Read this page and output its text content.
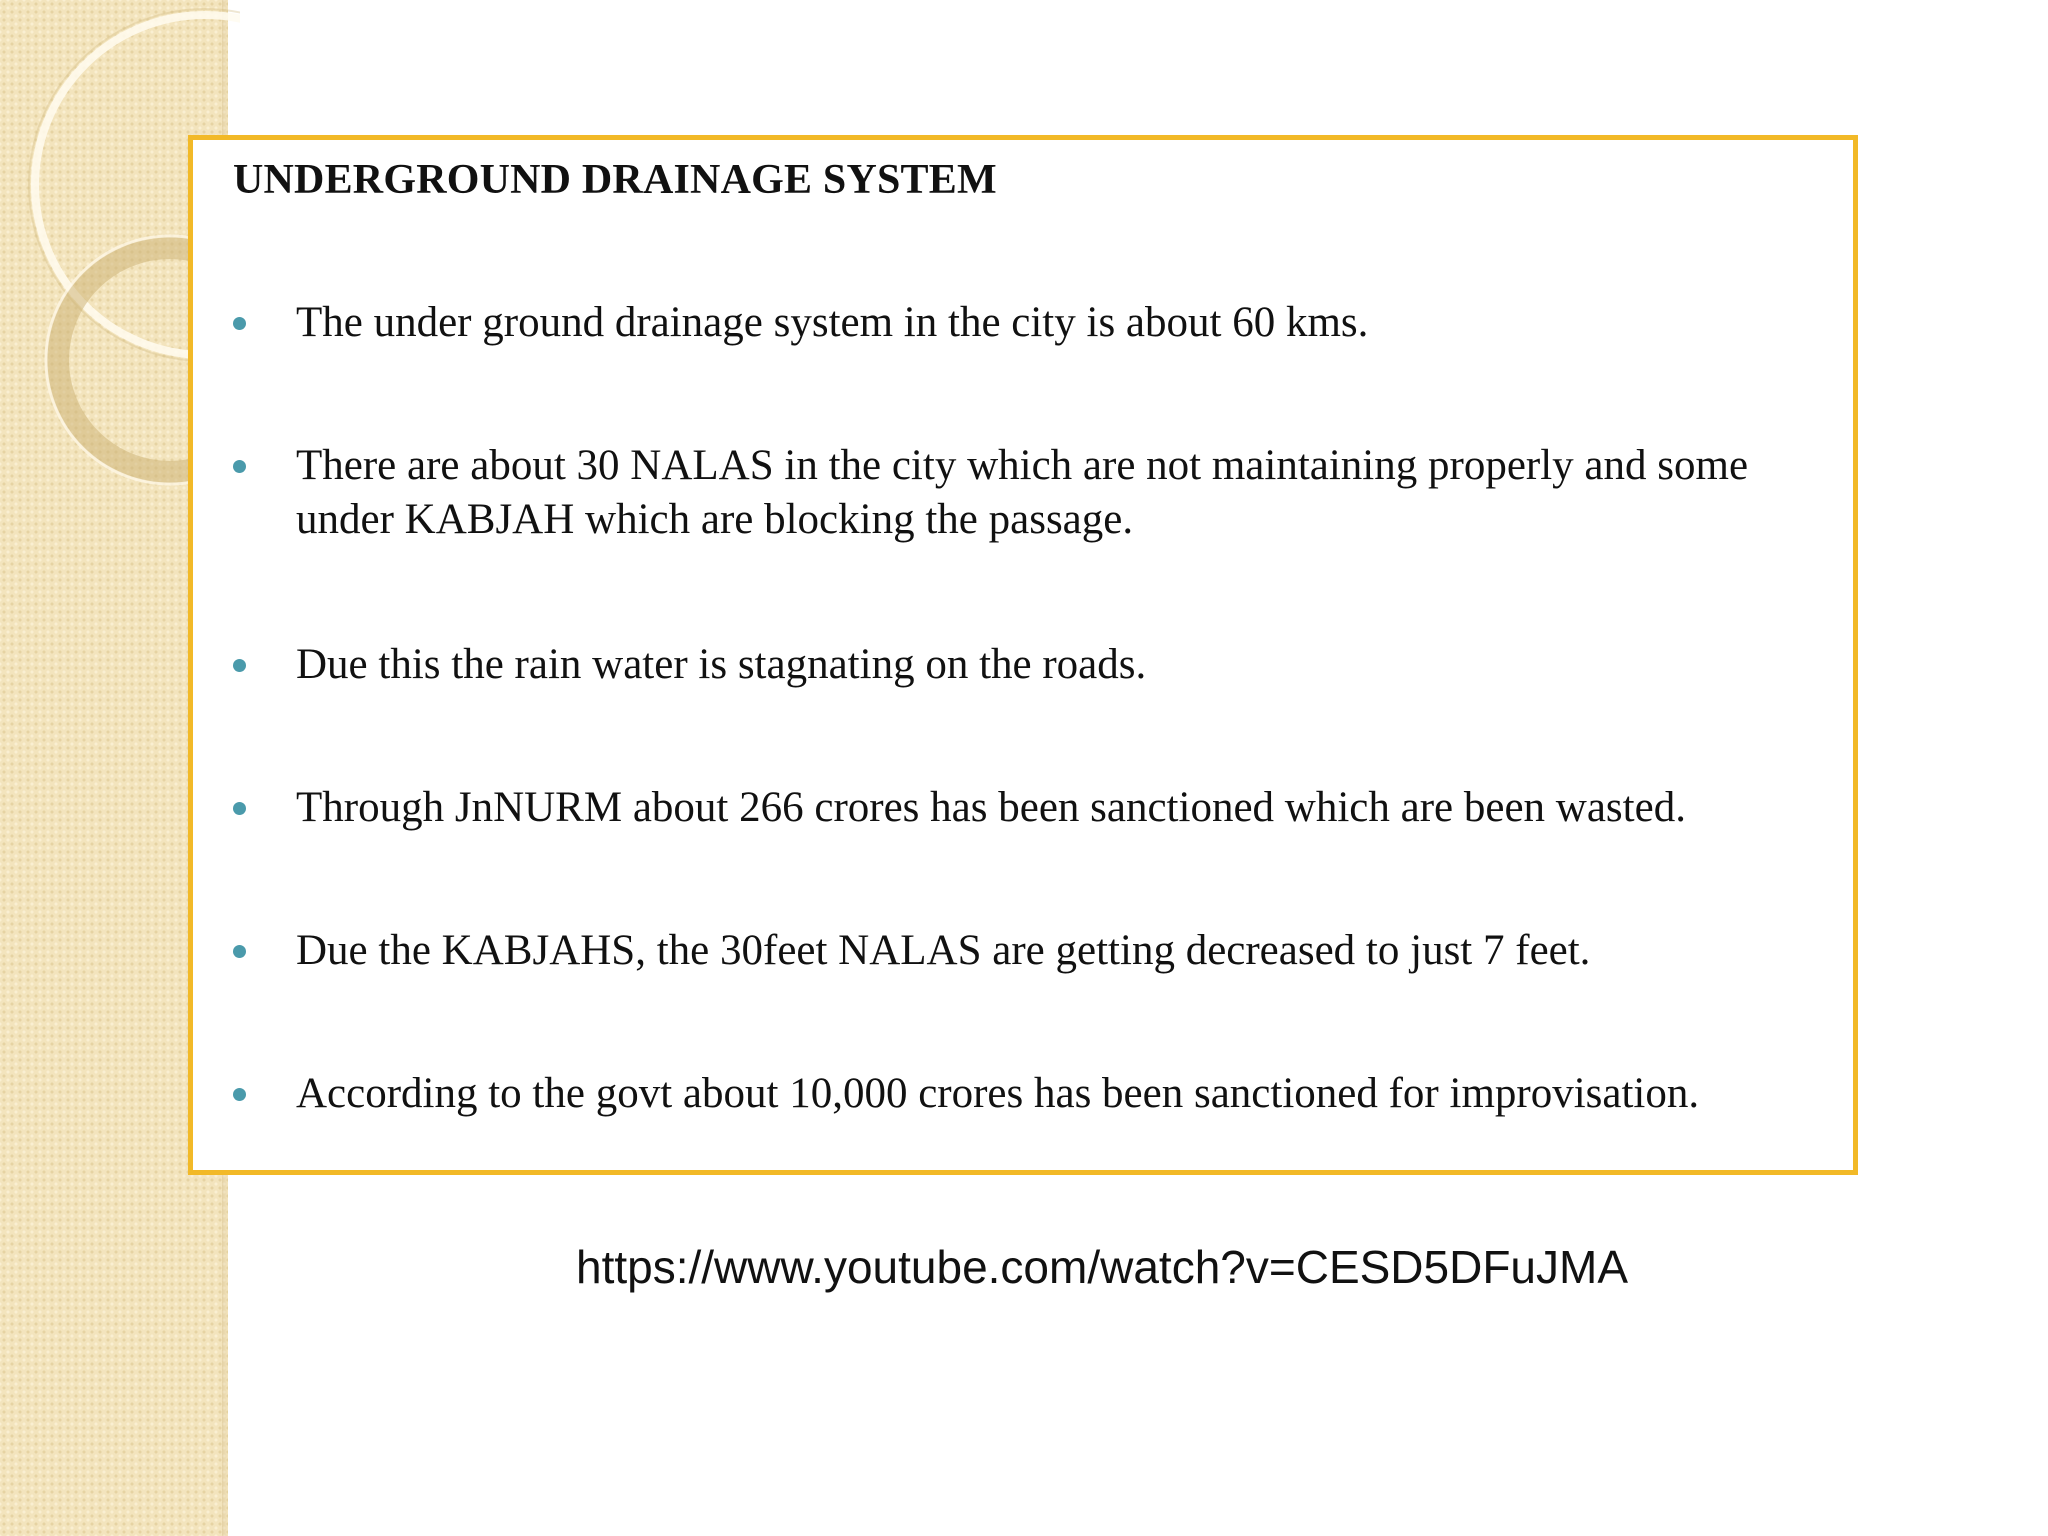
UNDERGROUND DRAINAGE SYSTEM
The under ground drainage system in the city is about 60 kms.
There are about 30 NALAS in the city which are not maintaining properly and some under KABJAH which are blocking the passage.
Due this the rain water is stagnating on the roads.
Through JnNURM about 266 crores has been sanctioned which are been wasted.
Due the KABJAHS, the 30feet NALAS are getting decreased to just 7 feet.
According to the govt about 10,000 crores has been sanctioned for improvisation.
https://www.youtube.com/watch?v=CESD5DFuJMA
